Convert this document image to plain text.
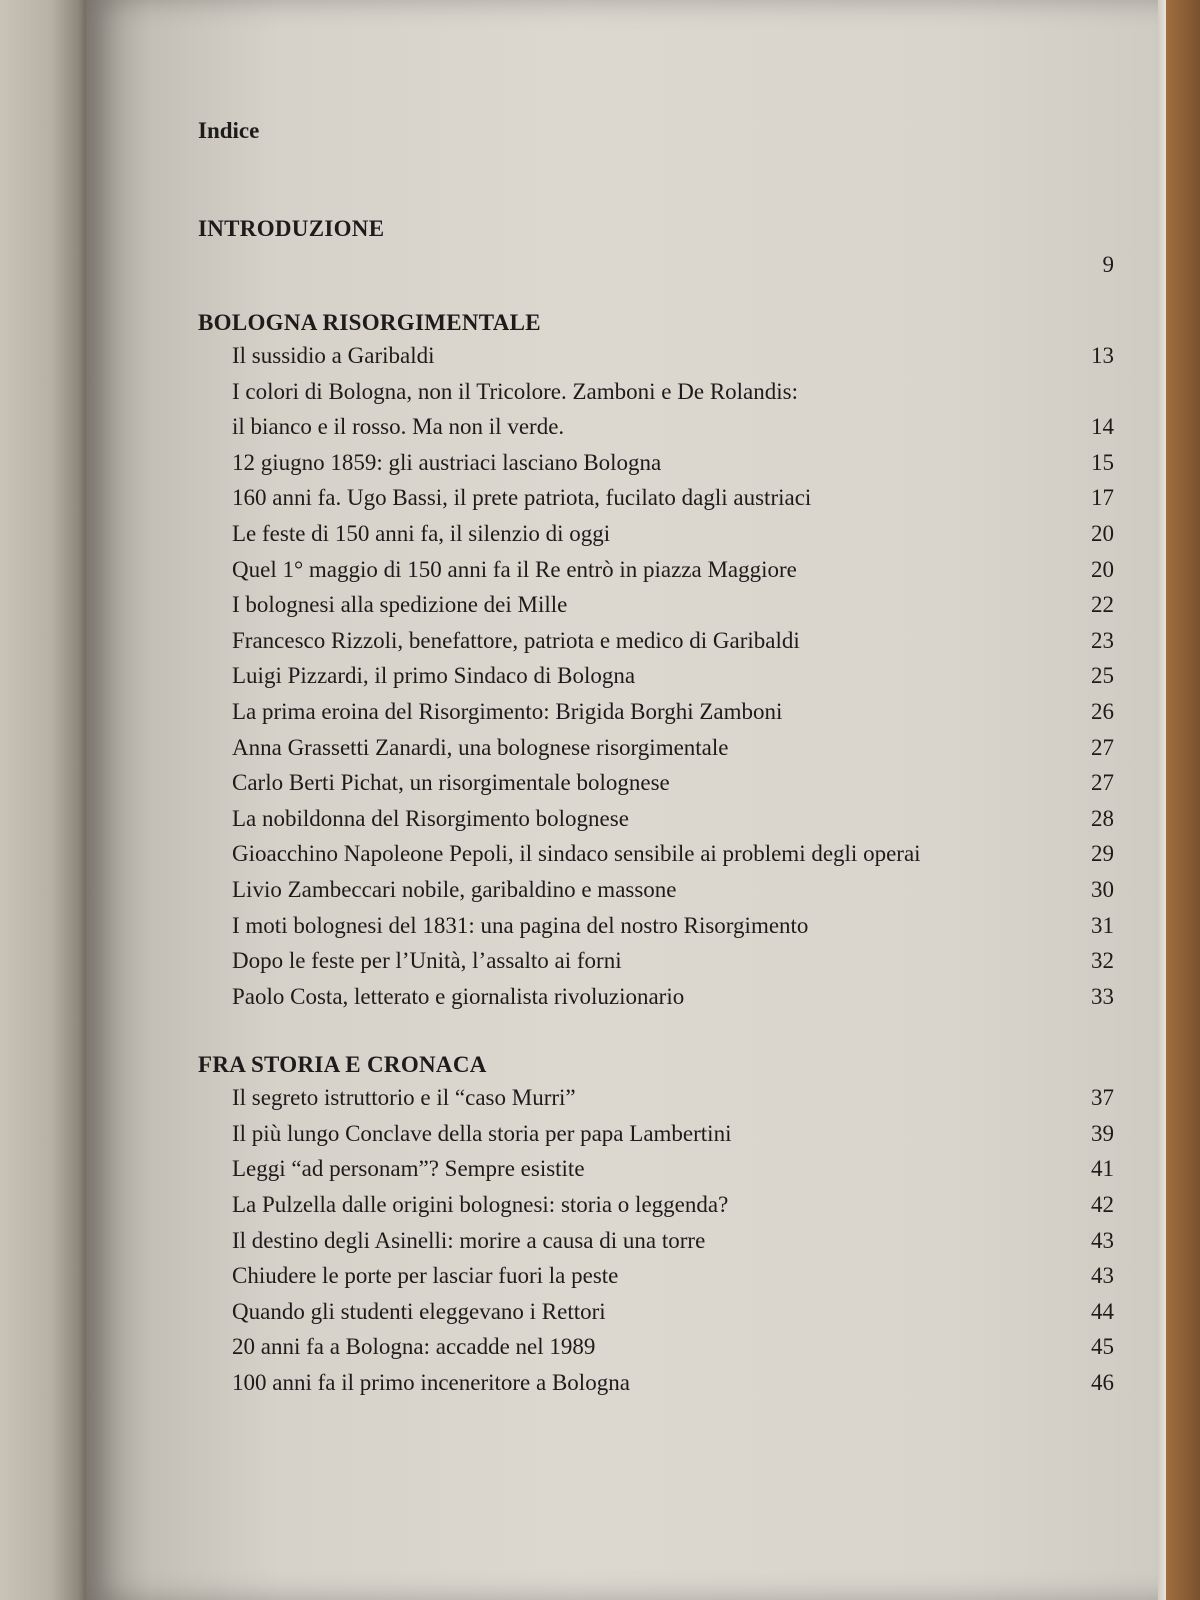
Indice
INTRODUZIONE
9
BOLOGNA RISORGIMENTALE
Il sussidio a Garibaldi	13
I colori di Bologna, non il Tricolore. Zamboni e De Rolandis:
il bianco e il rosso. Ma non il verde.	14
12 giugno 1859: gli austriaci lasciano Bologna	15
160 anni fa. Ugo Bassi, il prete patriota, fucilato dagli austriaci	17
Le feste di 150 anni fa, il silenzio di oggi	20
Quel 1° maggio di 150 anni fa il Re entrò in piazza Maggiore	20
I bolognesi alla spedizione dei Mille	22
Francesco Rizzoli, benefattore, patriota e medico di Garibaldi	23
Luigi Pizzardi, il primo Sindaco di Bologna	25
La prima eroina del Risorgimento: Brigida Borghi Zamboni	26
Anna Grassetti Zanardi, una bolognese risorgimentale	27
Carlo Berti Pichat, un risorgimentale bolognese	27
La nobildonna del Risorgimento bolognese	28
Gioacchino Napoleone Pepoli, il sindaco sensibile ai problemi degli operai	29
Livio Zambeccari nobile, garibaldino e massone	30
I moti bolognesi del 1831: una pagina del nostro Risorgimento	31
Dopo le feste per l’Unità, l’assalto ai forni	32
Paolo Costa, letterato e giornalista rivoluzionario	33
FRA STORIA E CRONACA
Il segreto istruttorio e il “caso Murri”	37
Il più lungo Conclave della storia per papa Lambertini	39
Leggi “ad personam”? Sempre esistite	41
La Pulzella dalle origini bolognesi: storia o leggenda?	42
Il destino degli Asinelli: morire a causa di una torre	43
Chiudere le porte per lasciar fuori la peste	43
Quando gli studenti eleggevano i Rettori	44
20 anni fa a Bologna: accadde nel 1989	45
100 anni fa il primo inceneritore a Bologna	46
